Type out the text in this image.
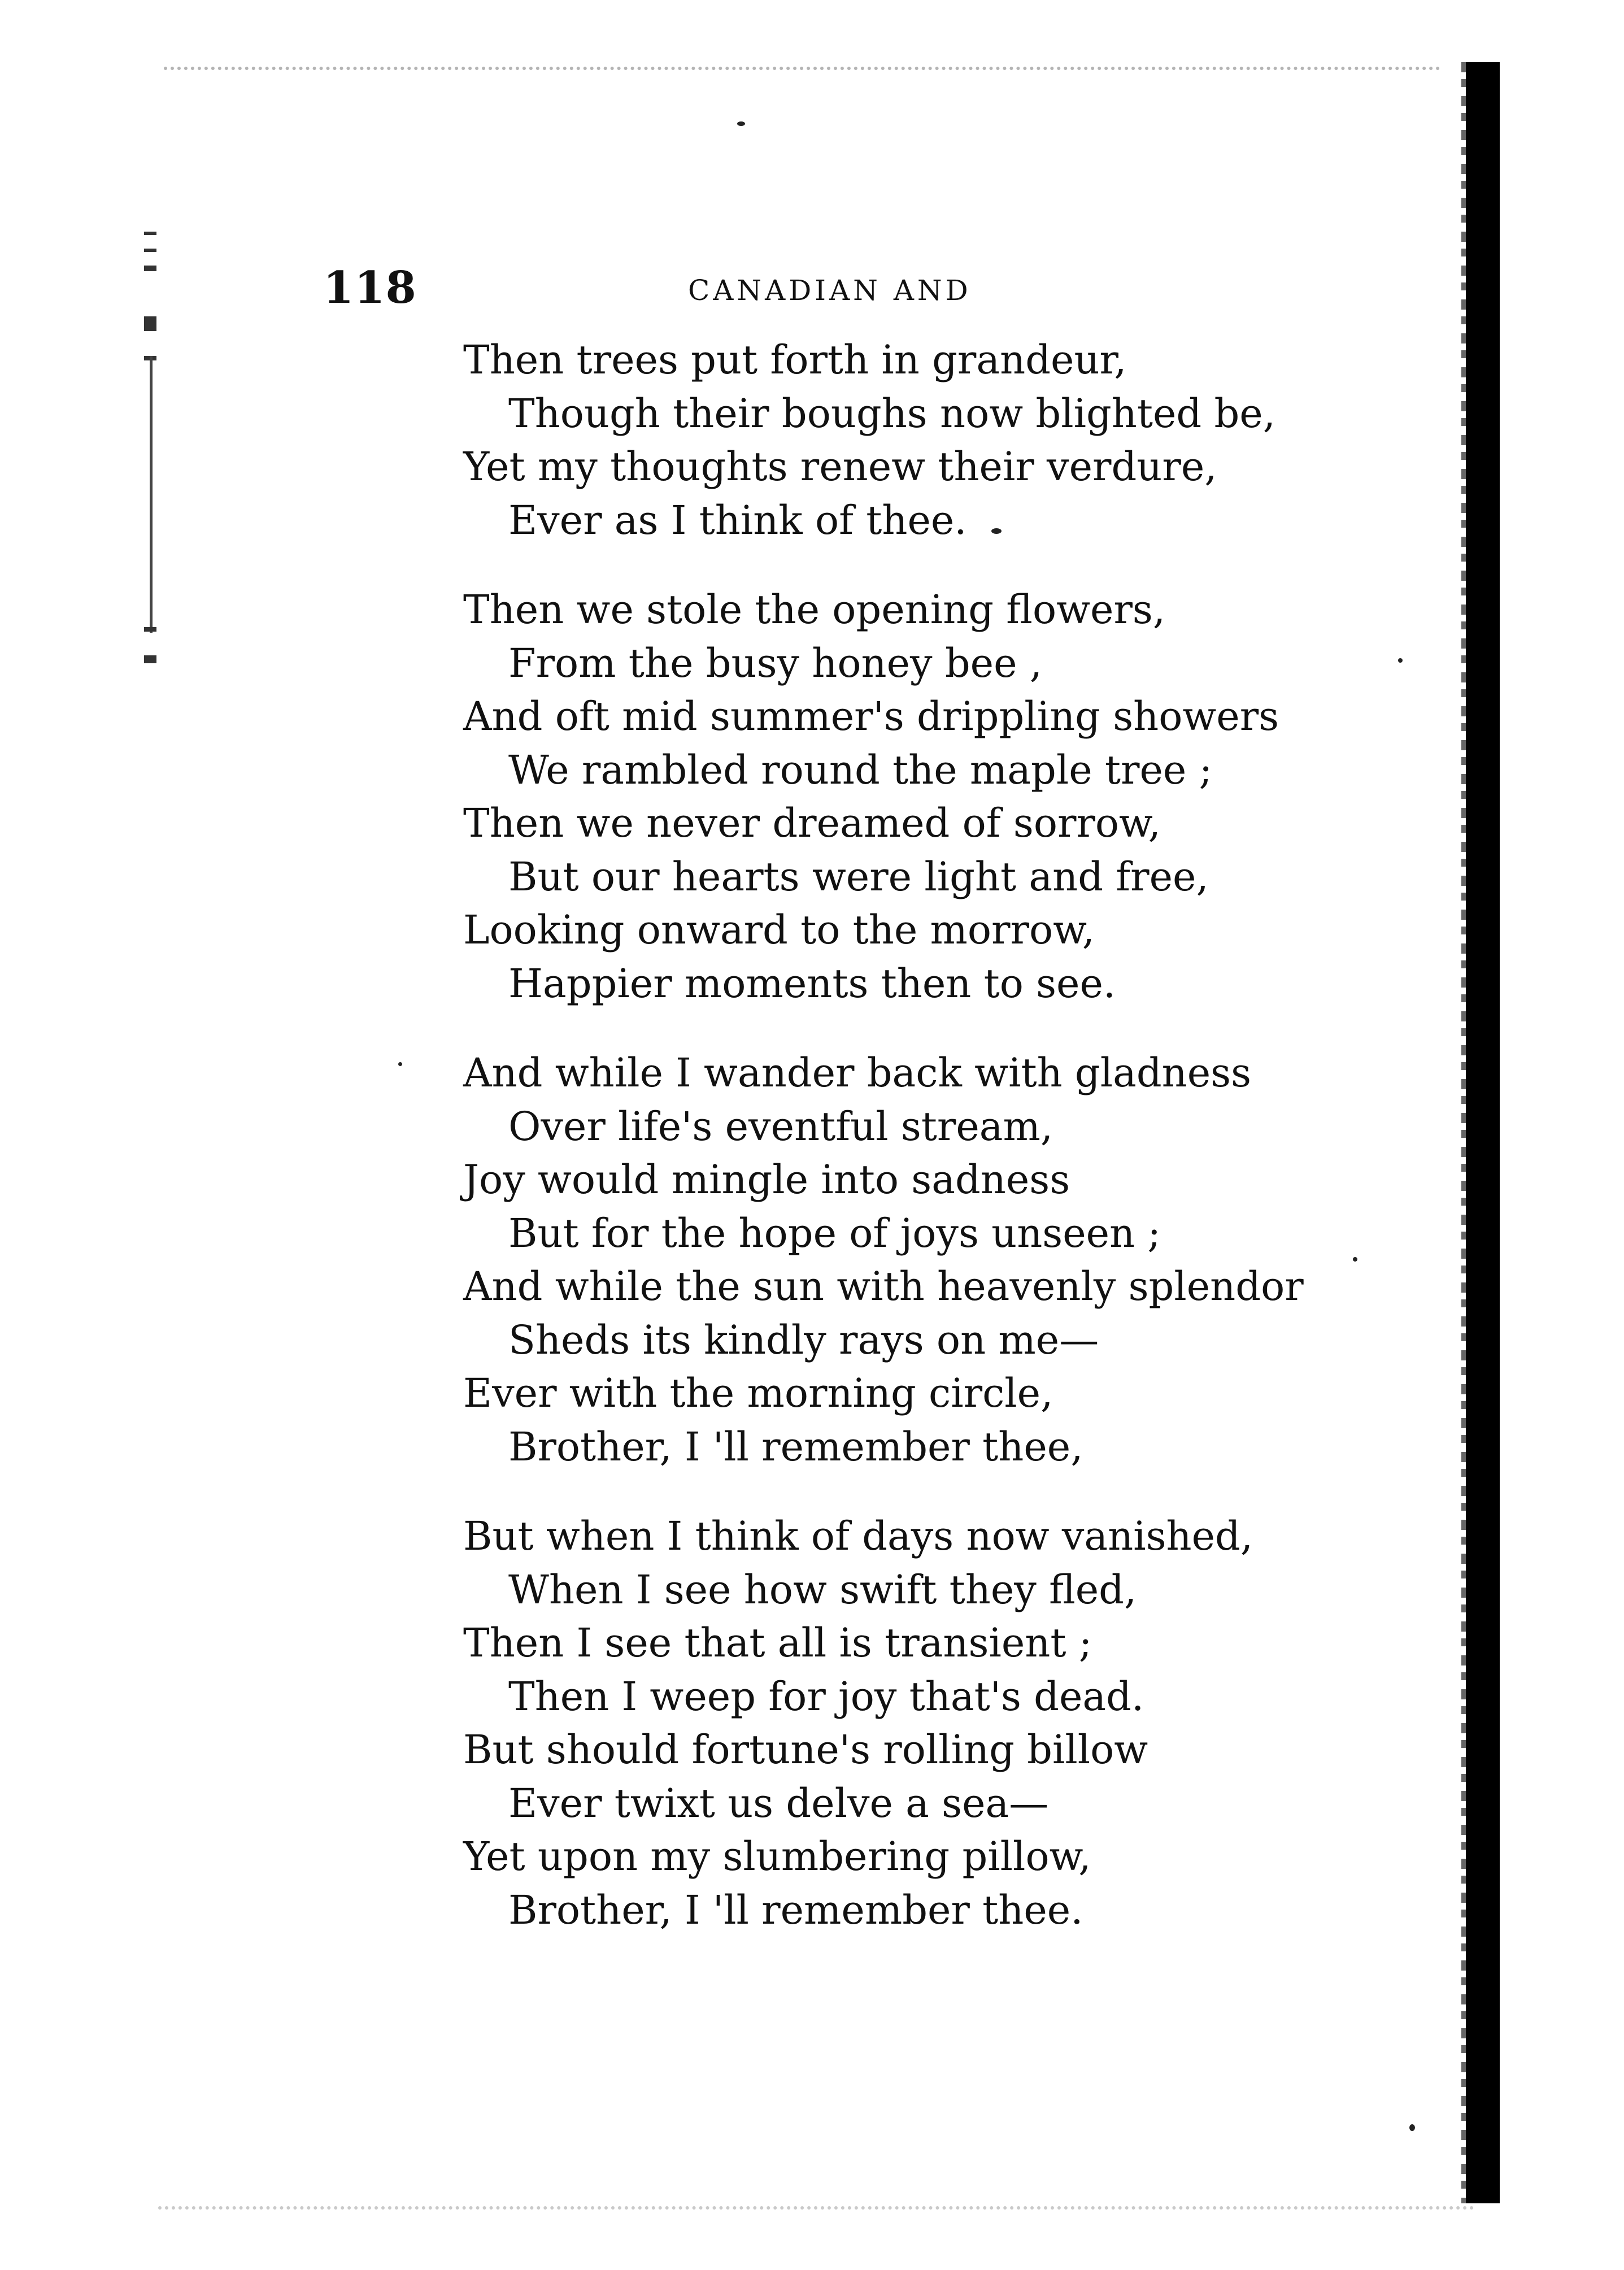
118	CANADIAN AND
Then trees put forth in grandeur,
Though their boughs now blighted be,
Yet my thoughts renew their verdure,
Ever as I think of thee.
Then we stole the opening flowers,
From the busy honey bee ,
And oft mid summer's drippling showers
We rambled round the maple tree ;
Then we never dreamed of sorrow,
But our hearts were light and free,
Looking onward to the morrow,
Happier moments then to see.
And while I wander back with gladness
Over life's eventful stream,
Joy would mingle into sadness
But for the hope of joys unseen ;
And while the sun with heavenly splendor
Sheds its kindly rays on me—
Ever with the morning circle,
Brother, I 'll remember thee,
But when I think of days now vanished,
When I see how swift they fled,
Then I see that all is transient ;
Then I weep for joy that's dead.
But should fortune's rolling billow
Ever twixt us delve a sea—
Yet upon my slumbering pillow,
Brother, I 'll remember thee.
